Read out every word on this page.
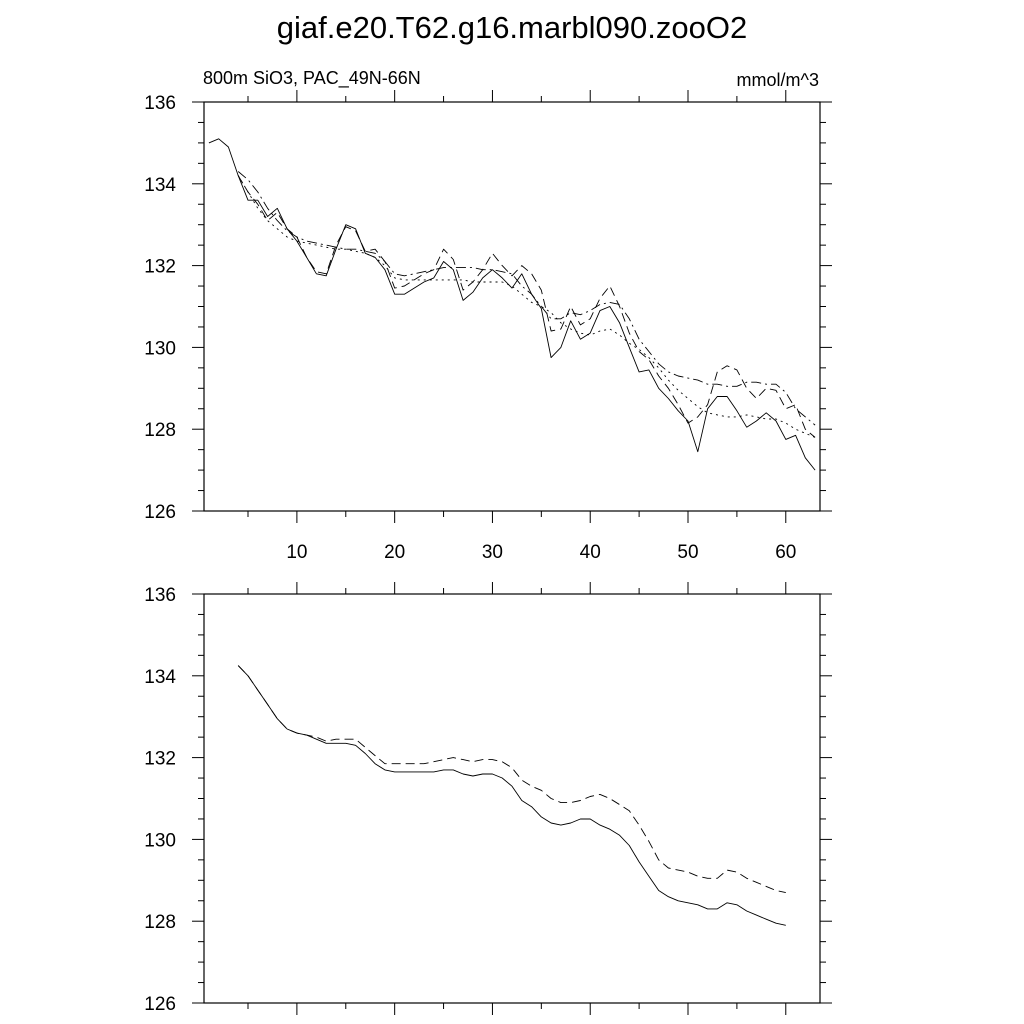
giaf.e20.T62.g16.marbl090.zooO2
800m SiO3, PAC_49N-66N	mmol/m^3
126
128
130
132
134
136
10	20	30	40	50	60
126
128
130
132
134
136
